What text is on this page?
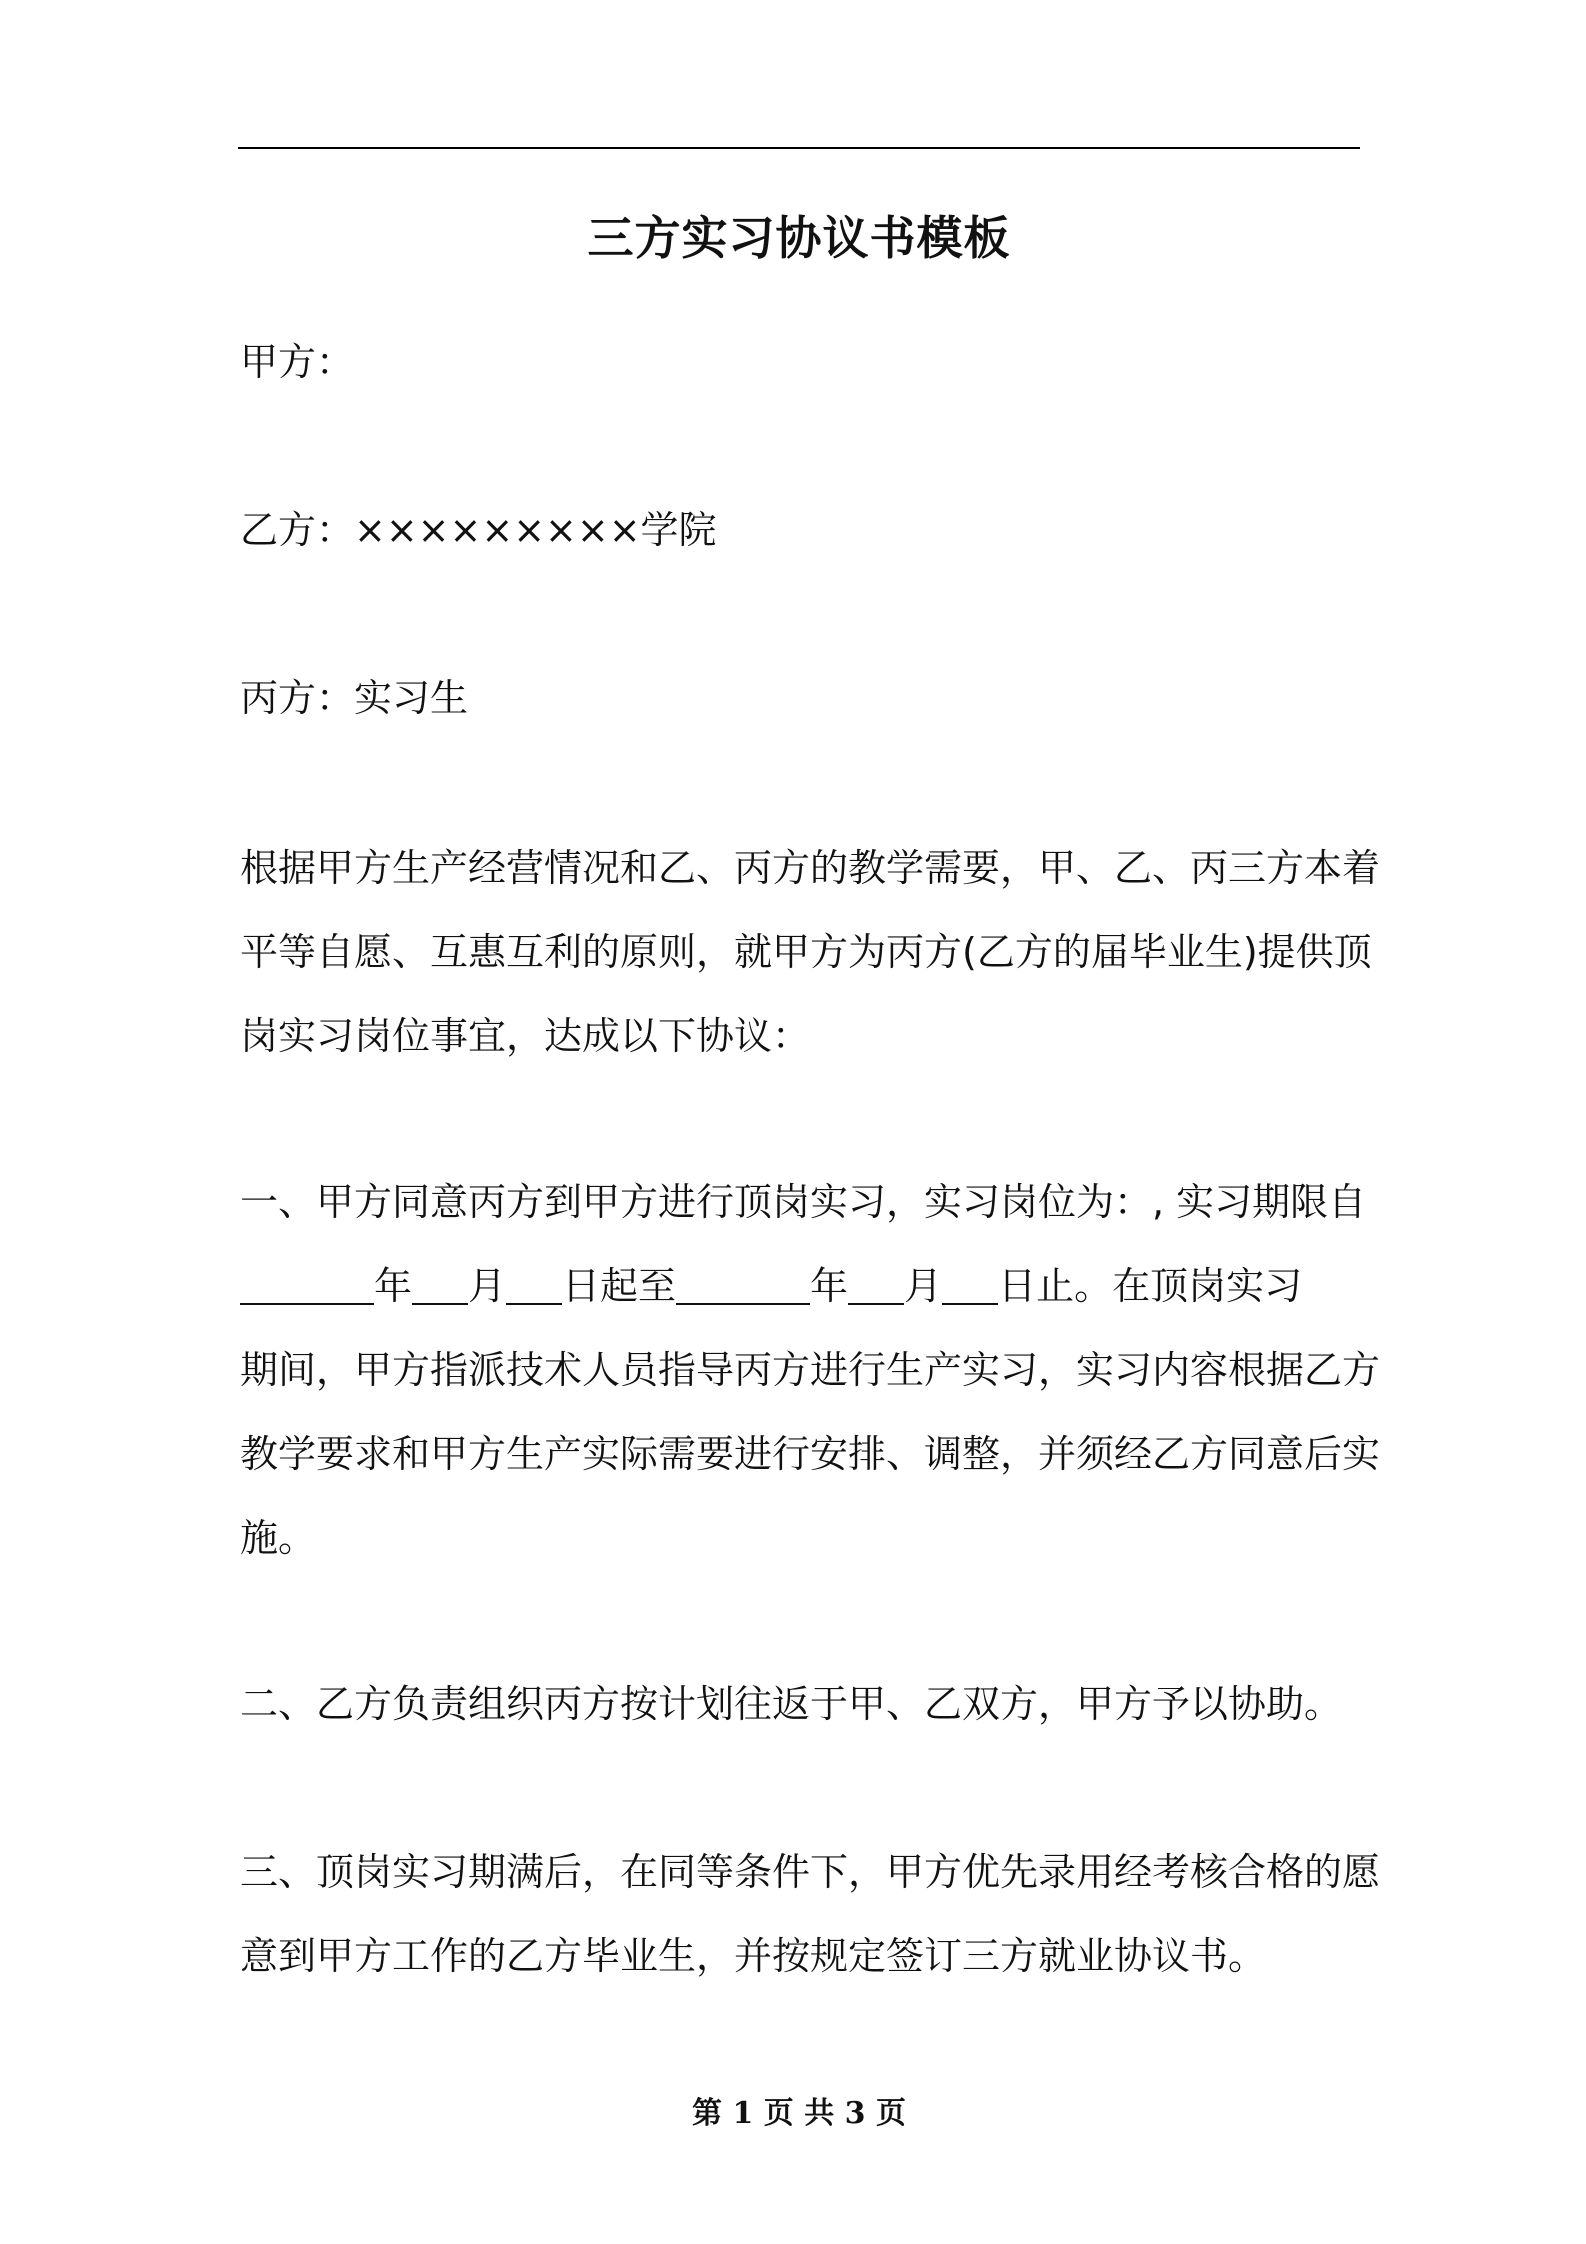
三方实习协议书模板

甲方：

乙方：×××××××××学院

丙方：实习生

根据甲方生产经营情况和乙、丙方的教学需要，甲、乙、丙三方本着
平等自愿、互惠互利的原则，就甲方为丙方(乙方的届毕业生)提供顶
岗实习岗位事宜，达成以下协议：
一、甲方同意丙方到甲方进行顶岗实习，实习岗位为：, 实习期限自
年 月 日起至	年 月 日止。在顶岗实习
期间，甲方指派技术人员指导丙方进行生产实习，实习内容根据乙方
教学要求和甲方生产实际需要进行安排、调整，并须经乙方同意后实
施。

二、乙方负责组织丙方按计划往返于甲、乙双方，甲方予以协助。

三、顶岗实习期满后，在同等条件下，甲方优先录用经考核合格的愿
意到甲方工作的乙方毕业生，并按规定签订三方就业协议书。
第 1 页 共 3 页
